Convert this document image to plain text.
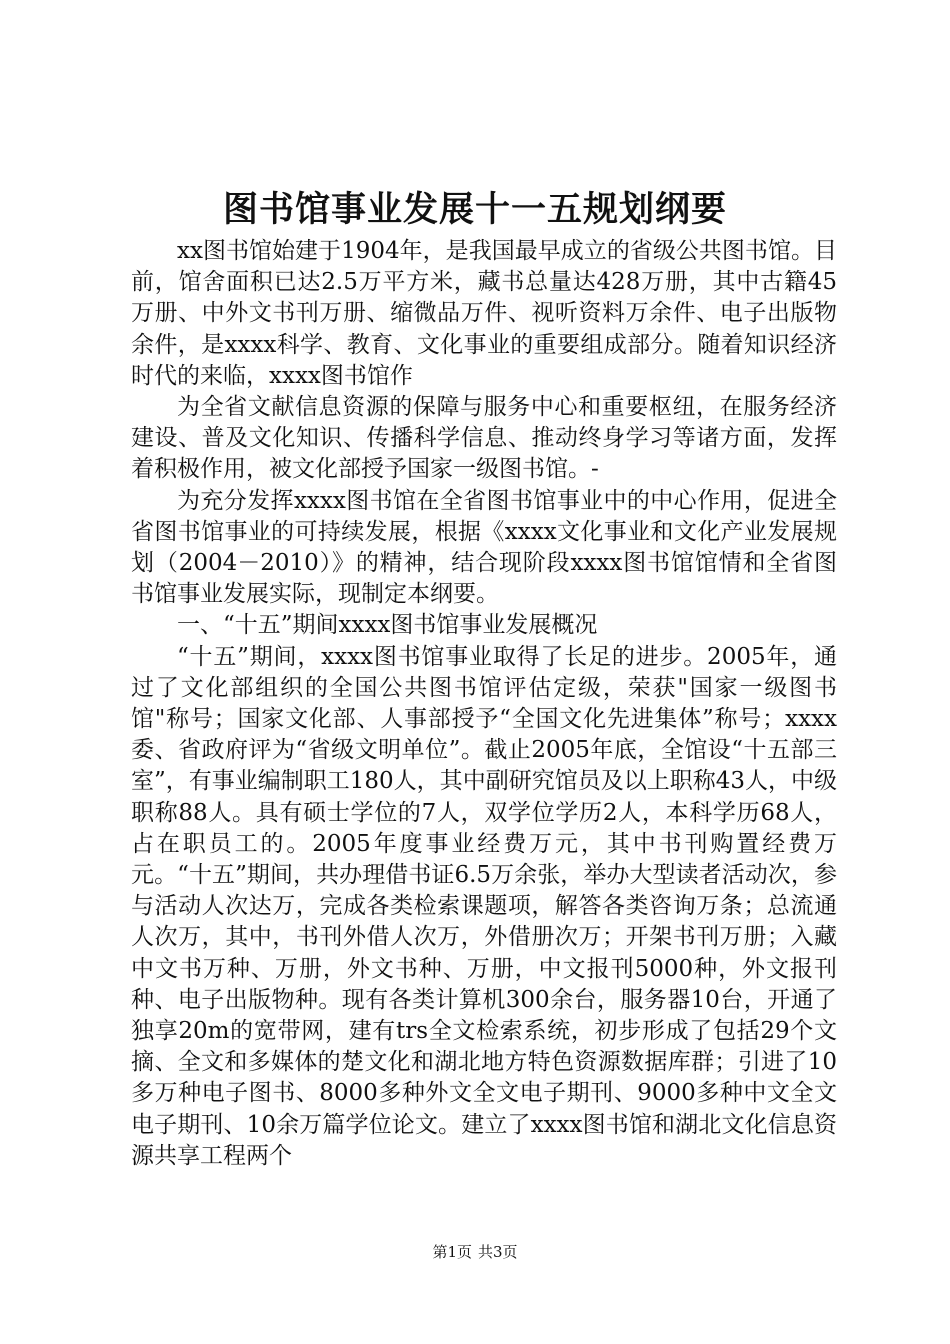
图书馆事业发展十一五规划纲要

xx图书馆始建于1904年，是我国最早成立的省级公共图书馆。目前，馆舍面积已达2.5万平方米，藏书总量达428万册，其中古籍45万册、中外文书刊万册、缩微品万件、视听资料万余件、电子出版物余件，是xxxx科学、教育、文化事业的重要组成部分。随着知识经济时代的来临，xxxx图书馆作

为全省文献信息资源的保障与服务中心和重要枢纽，在服务经济建设、普及文化知识、传播科学信息、推动终身学习等诸方面，发挥着积极作用，被文化部授予国家一级图书馆。-

为充分发挥xxxx图书馆在全省图书馆事业中的中心作用，促进全省图书馆事业的可持续发展，根据《xxxx文化事业和文化产业发展规划（2004－2010）》的精神，结合现阶段xxxx图书馆馆情和全省图书馆事业发展实际，现制定本纲要。

一、“十五”期间xxxx图书馆事业发展概况

“十五”期间，xxxx图书馆事业取得了长足的进步。2005年，通过了文化部组织的全国公共图书馆评估定级，荣获"国家一级图书馆"称号；国家文化部、人事部授予“全国文化先进集体”称号；xxxx委、省政府评为“省级文明单位”。截止2005年底，全馆设“十五部三室”，有事业编制职工180人，其中副研究馆员及以上职称43人，中级职称88人。具有硕士学位的7人，双学位学历2人，本科学历68人，占在职员工的。2005年度事业经费万元，其中书刊购置经费万元。“十五”期间，共办理借书证6.5万余张，举办大型读者活动次，参与活动人次达万，完成各类检索课题项，解答各类咨询万条；总流通人次万，其中，书刊外借人次万，外借册次万；开架书刊万册；入藏中文书万种、万册，外文书种、万册，中文报刊5000种，外文报刊种、电子出版物种。现有各类计算机300余台，服务器10台，开通了独享20m的宽带网，建有trs全文检索系统，初步形成了包括29个文摘、全文和多媒体的楚文化和湖北地方特色资源数据库群；引进了10多万种电子图书、8000多种外文全文电子期刊、9000多种中文全文电子期刊、10余万篇学位论文。建立了xxxx图书馆和湖北文化信息资源共享工程两个

第1页 共3页
